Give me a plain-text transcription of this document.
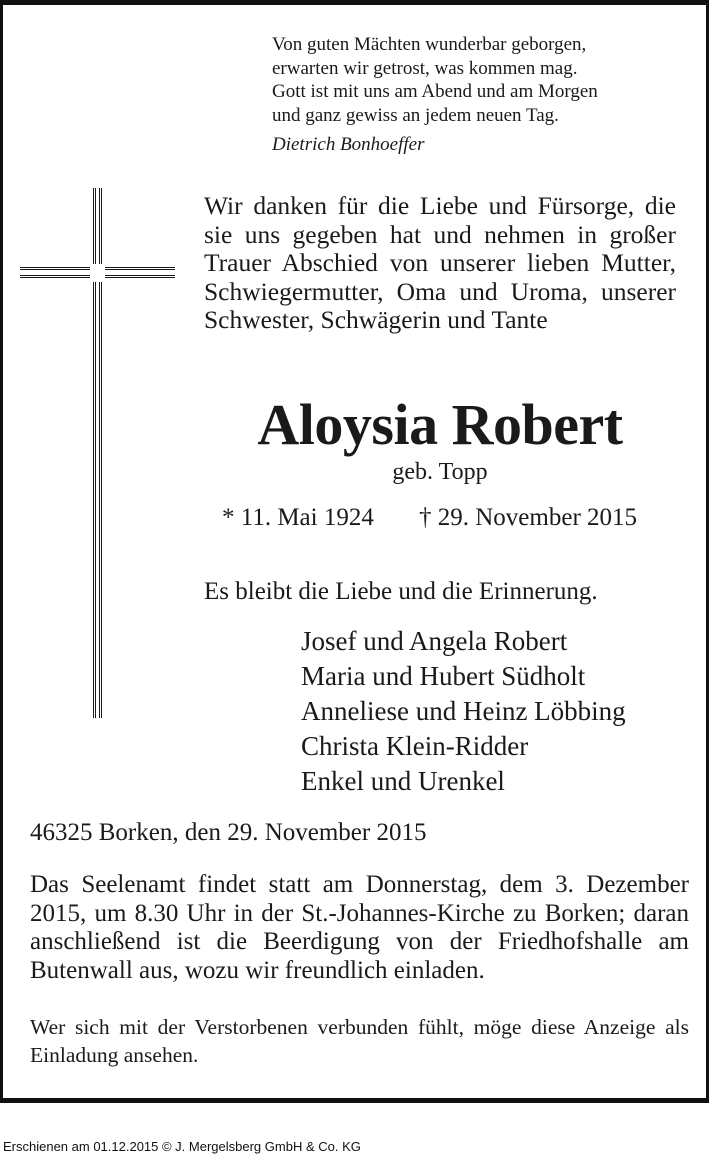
Von guten Mächten wunderbar geborgen,
erwarten wir getrost, was kommen mag.
Gott ist mit uns am Abend und am Morgen
und ganz gewiss an jedem neuen Tag.
Dietrich Bonhoeffer

Wir danken für die Liebe und Fürsorge, die sie uns gegeben hat und nehmen in großer Trauer Abschied von unserer lieben Mutter, Schwiegermutter, Oma und Uroma, unserer Schwester, Schwägerin und Tante

Aloysia Robert
geb. Topp
* 11. Mai 1924 † 29. November 2015
Es bleibt die Liebe und die Erinnerung.
Josef und Angela Robert
Maria und Hubert Südholt
Anneliese und Heinz Löbbing
Christa Klein-Ridder
Enkel und Urenkel
46325 Borken, den 29. November 2015

Das Seelenamt findet statt am Donnerstag, dem 3. Dezember 2015, um 8.30 Uhr in der St.-Johannes-Kirche zu Borken; daran anschließend ist die Beerdigung von der Friedhofshalle am Butenwall aus, wozu wir freundlich einladen.

Wer sich mit der Verstorbenen verbunden fühlt, möge diese Anzeige als Einladung ansehen.

Erschienen am 01.12.2015 © J. Mergelsberg GmbH & Co. KG
